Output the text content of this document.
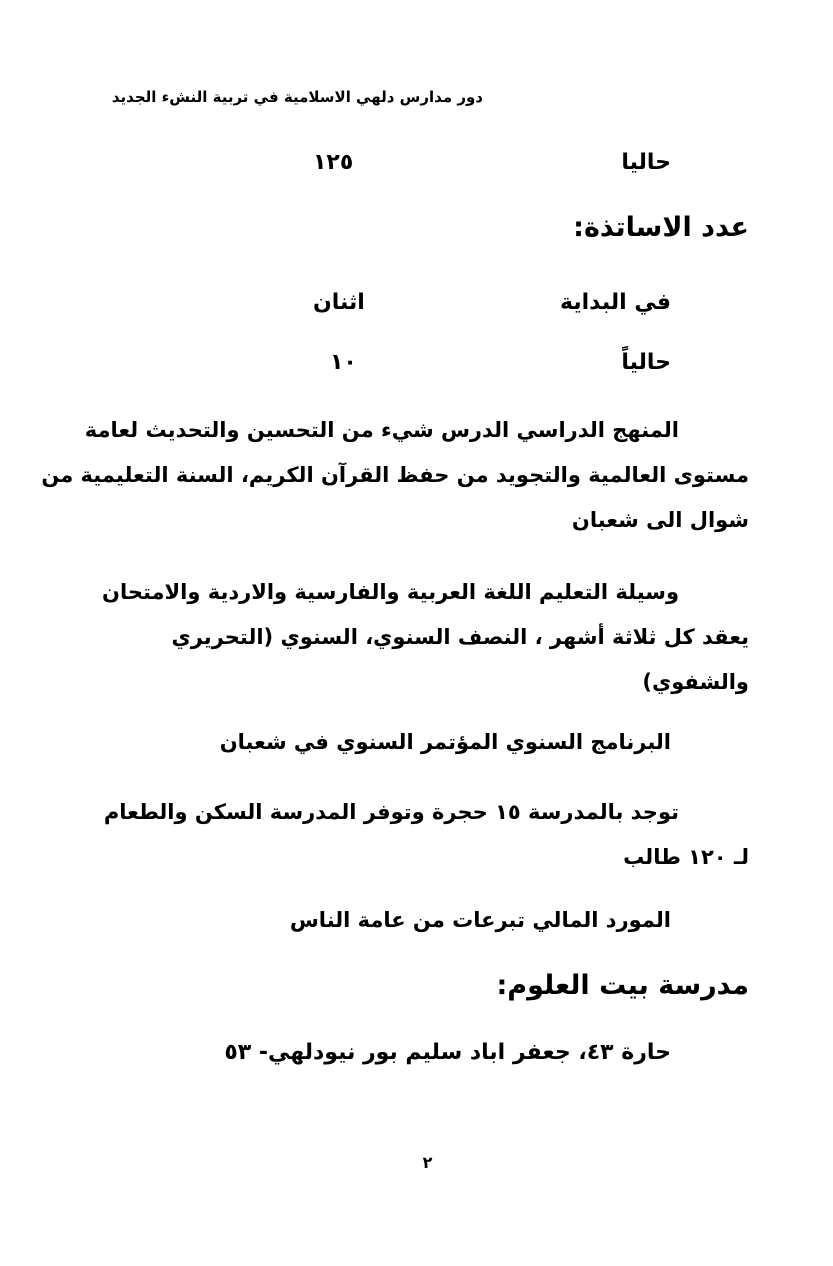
دور مدارس دلهي الاسلامية في تربية النشء الجديد
حاليا
١٢٥
عدد الاساتذة:
في البداية
اثنان
حالياً
١٠
المنهج الدراسي الدرس شيء من التحسين والتحديث لعامة
مستوى العالمية والتجويد من حفظ القرآن الكريم، السنة التعليمية من
شوال الى شعبان
وسيلة التعليم اللغة العربية والفارسية والاردية والامتحان
يعقد كل ثلاثة أشهر ، النصف السنوي، السنوي (التحريري
والشفوي)
البرنامج السنوي المؤتمر السنوي في شعبان
توجد بالمدرسة ١٥ حجرة وتوفر المدرسة السكن والطعام
لـ ١٢٠ طالب
المورد المالي تبرعات من عامة الناس
مدرسة بيت العلوم:
حارة ٤٣، جعفر اباد سليم بور نيودلهي- ٥٣
٢
